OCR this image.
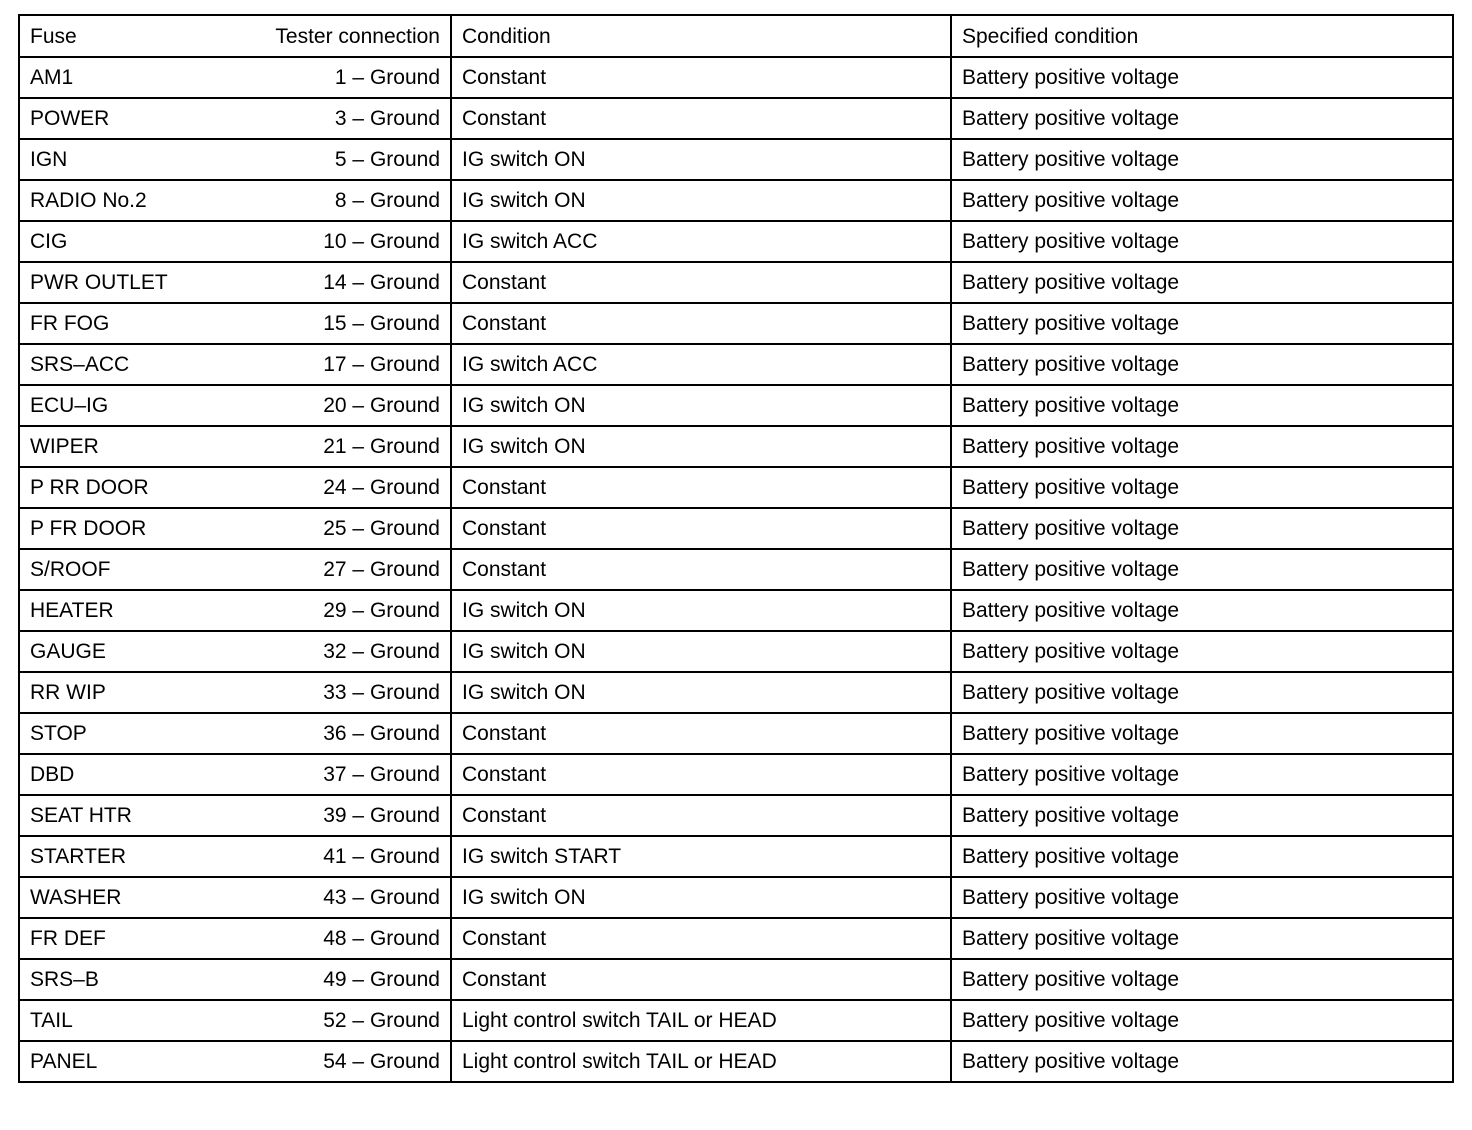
Fuse Tester connection	Condition	Specified condition

AM1 1 – Ground	Constant	Battery positive voltage

POWER 3 – Ground	Constant	Battery positive voltage

IGN 5 – Ground	IG switch ON	Battery positive voltage

RADIO No.2 8 – Ground	IG switch ON	Battery positive voltage

CIG 10 – Ground	IG switch ACC	Battery positive voltage

PWR OUTLET 14 – Ground	Constant	Battery positive voltage

FR FOG 15 – Ground	Constant	Battery positive voltage

SRS–ACC 17 – Ground	IG switch ACC	Battery positive voltage

ECU–IG 20 – Ground	IG switch ON	Battery positive voltage

WIPER 21 – Ground	IG switch ON	Battery positive voltage

P RR DOOR 24 – Ground	Constant	Battery positive voltage

P FR DOOR 25 – Ground	Constant	Battery positive voltage

S/ROOF 27 – Ground	Constant	Battery positive voltage

HEATER 29 – Ground	IG switch ON	Battery positive voltage

GAUGE 32 – Ground	IG switch ON	Battery positive voltage

RR WIP 33 – Ground	IG switch ON	Battery positive voltage

STOP 36 – Ground	Constant	Battery positive voltage

DBD 37 – Ground	Constant	Battery positive voltage

SEAT HTR 39 – Ground	Constant	Battery positive voltage

STARTER 41 – Ground	IG switch START	Battery positive voltage

WASHER 43 – Ground	IG switch ON	Battery positive voltage

FR DEF 48 – Ground	Constant	Battery positive voltage

SRS–B 49 – Ground	Constant	Battery positive voltage

TAIL 52 – Ground	Light control switch TAIL or HEAD	Battery positive voltage

PANEL 54 – Ground	Light control switch TAIL or HEAD	Battery positive voltage
